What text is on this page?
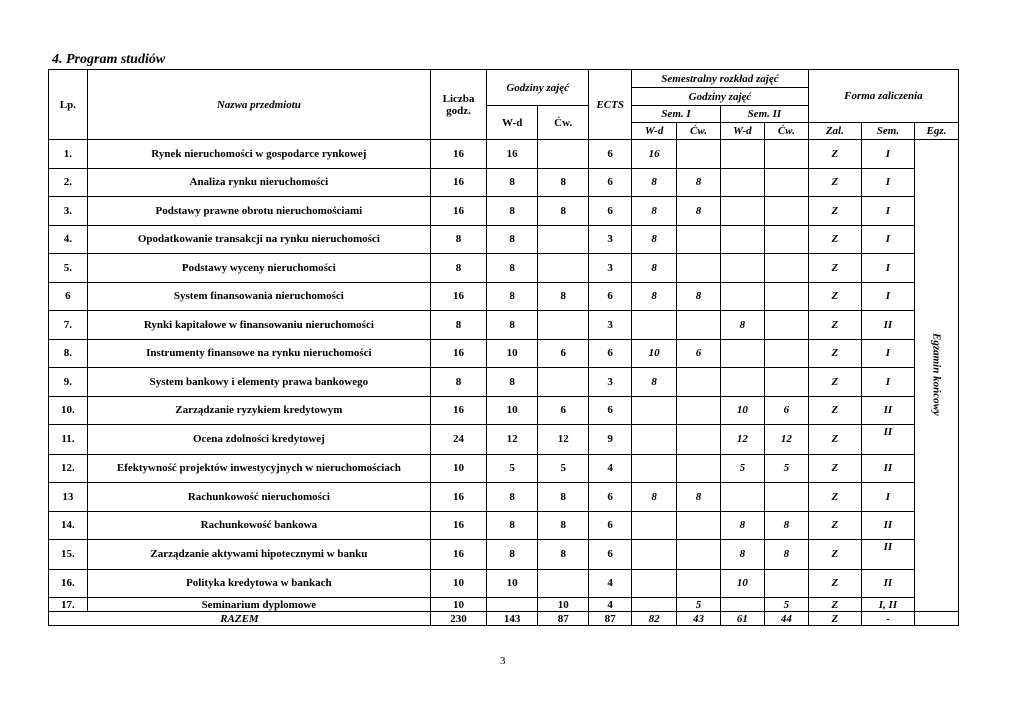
4. Program studiów
Lp.	Nazwa przedmiotu	Liczba godz.	Godziny zajęć		ECTS	Semestralny rozkład zajęć				Forma zaliczenia		
						Godziny zajęć						
			W-d	Ćw.		Sem. I		Sem. II				
						W-d	Ćw.	W-d	Ćw.	Zal.	Sem.	Egz.
1.	Rynek nieruchomości w gospodarce rynkowej	16	16		6	16				Z	I	Egzamin końcowy
2.	Analiza rynku nieruchomości	16	8	8	6	8	8			Z	I	
3.	Podstawy prawne obrotu nieruchomościami	16	8	8	6	8	8			Z	I	
4.	Opodatkowanie transakcji na rynku nieruchomości	8	8		3	8				Z	I	
5.	Podstawy wyceny nieruchomości	8	8		3	8				Z	I	
6	System finansowania nieruchomości	16	8	8	6	8	8			Z	I	
7.	Rynki kapitałowe w finansowaniu nieruchomości	8	8		3			8		Z	II	
8.	Instrumenty finansowe na rynku nieruchomości	16	10	6	6	10	6			Z	I	
9.	System bankowy i elementy prawa bankowego	8	8		3	8				Z	I	
10.	Zarządzanie ryzykiem kredytowym	16	10	6	6			10	6	Z	II	
11.	Ocena zdolności kredytowej	24	12	12	9			12	12	Z	II	
12.	Efektywność projektów inwestycyjnych w nieruchomościach	10	5	5	4			5	5	Z	II	
13	Rachunkowość nieruchomości	16	8	8	6	8	8			Z	I	
14.	Rachunkowość bankowa	16	8	8	6			8	8	Z	II	
15.	Zarządzanie aktywami hipotecznymi w banku	16	8	8	6			8	8	Z	II	
16.	Polityka kredytowa w bankach	10	10		4			10		Z	II	
17.	Seminarium dyplomowe	10		10	4		5		5	Z	I, II	
RAZEM		230	143	87	87	82	43	61	44	Z	-	
3
